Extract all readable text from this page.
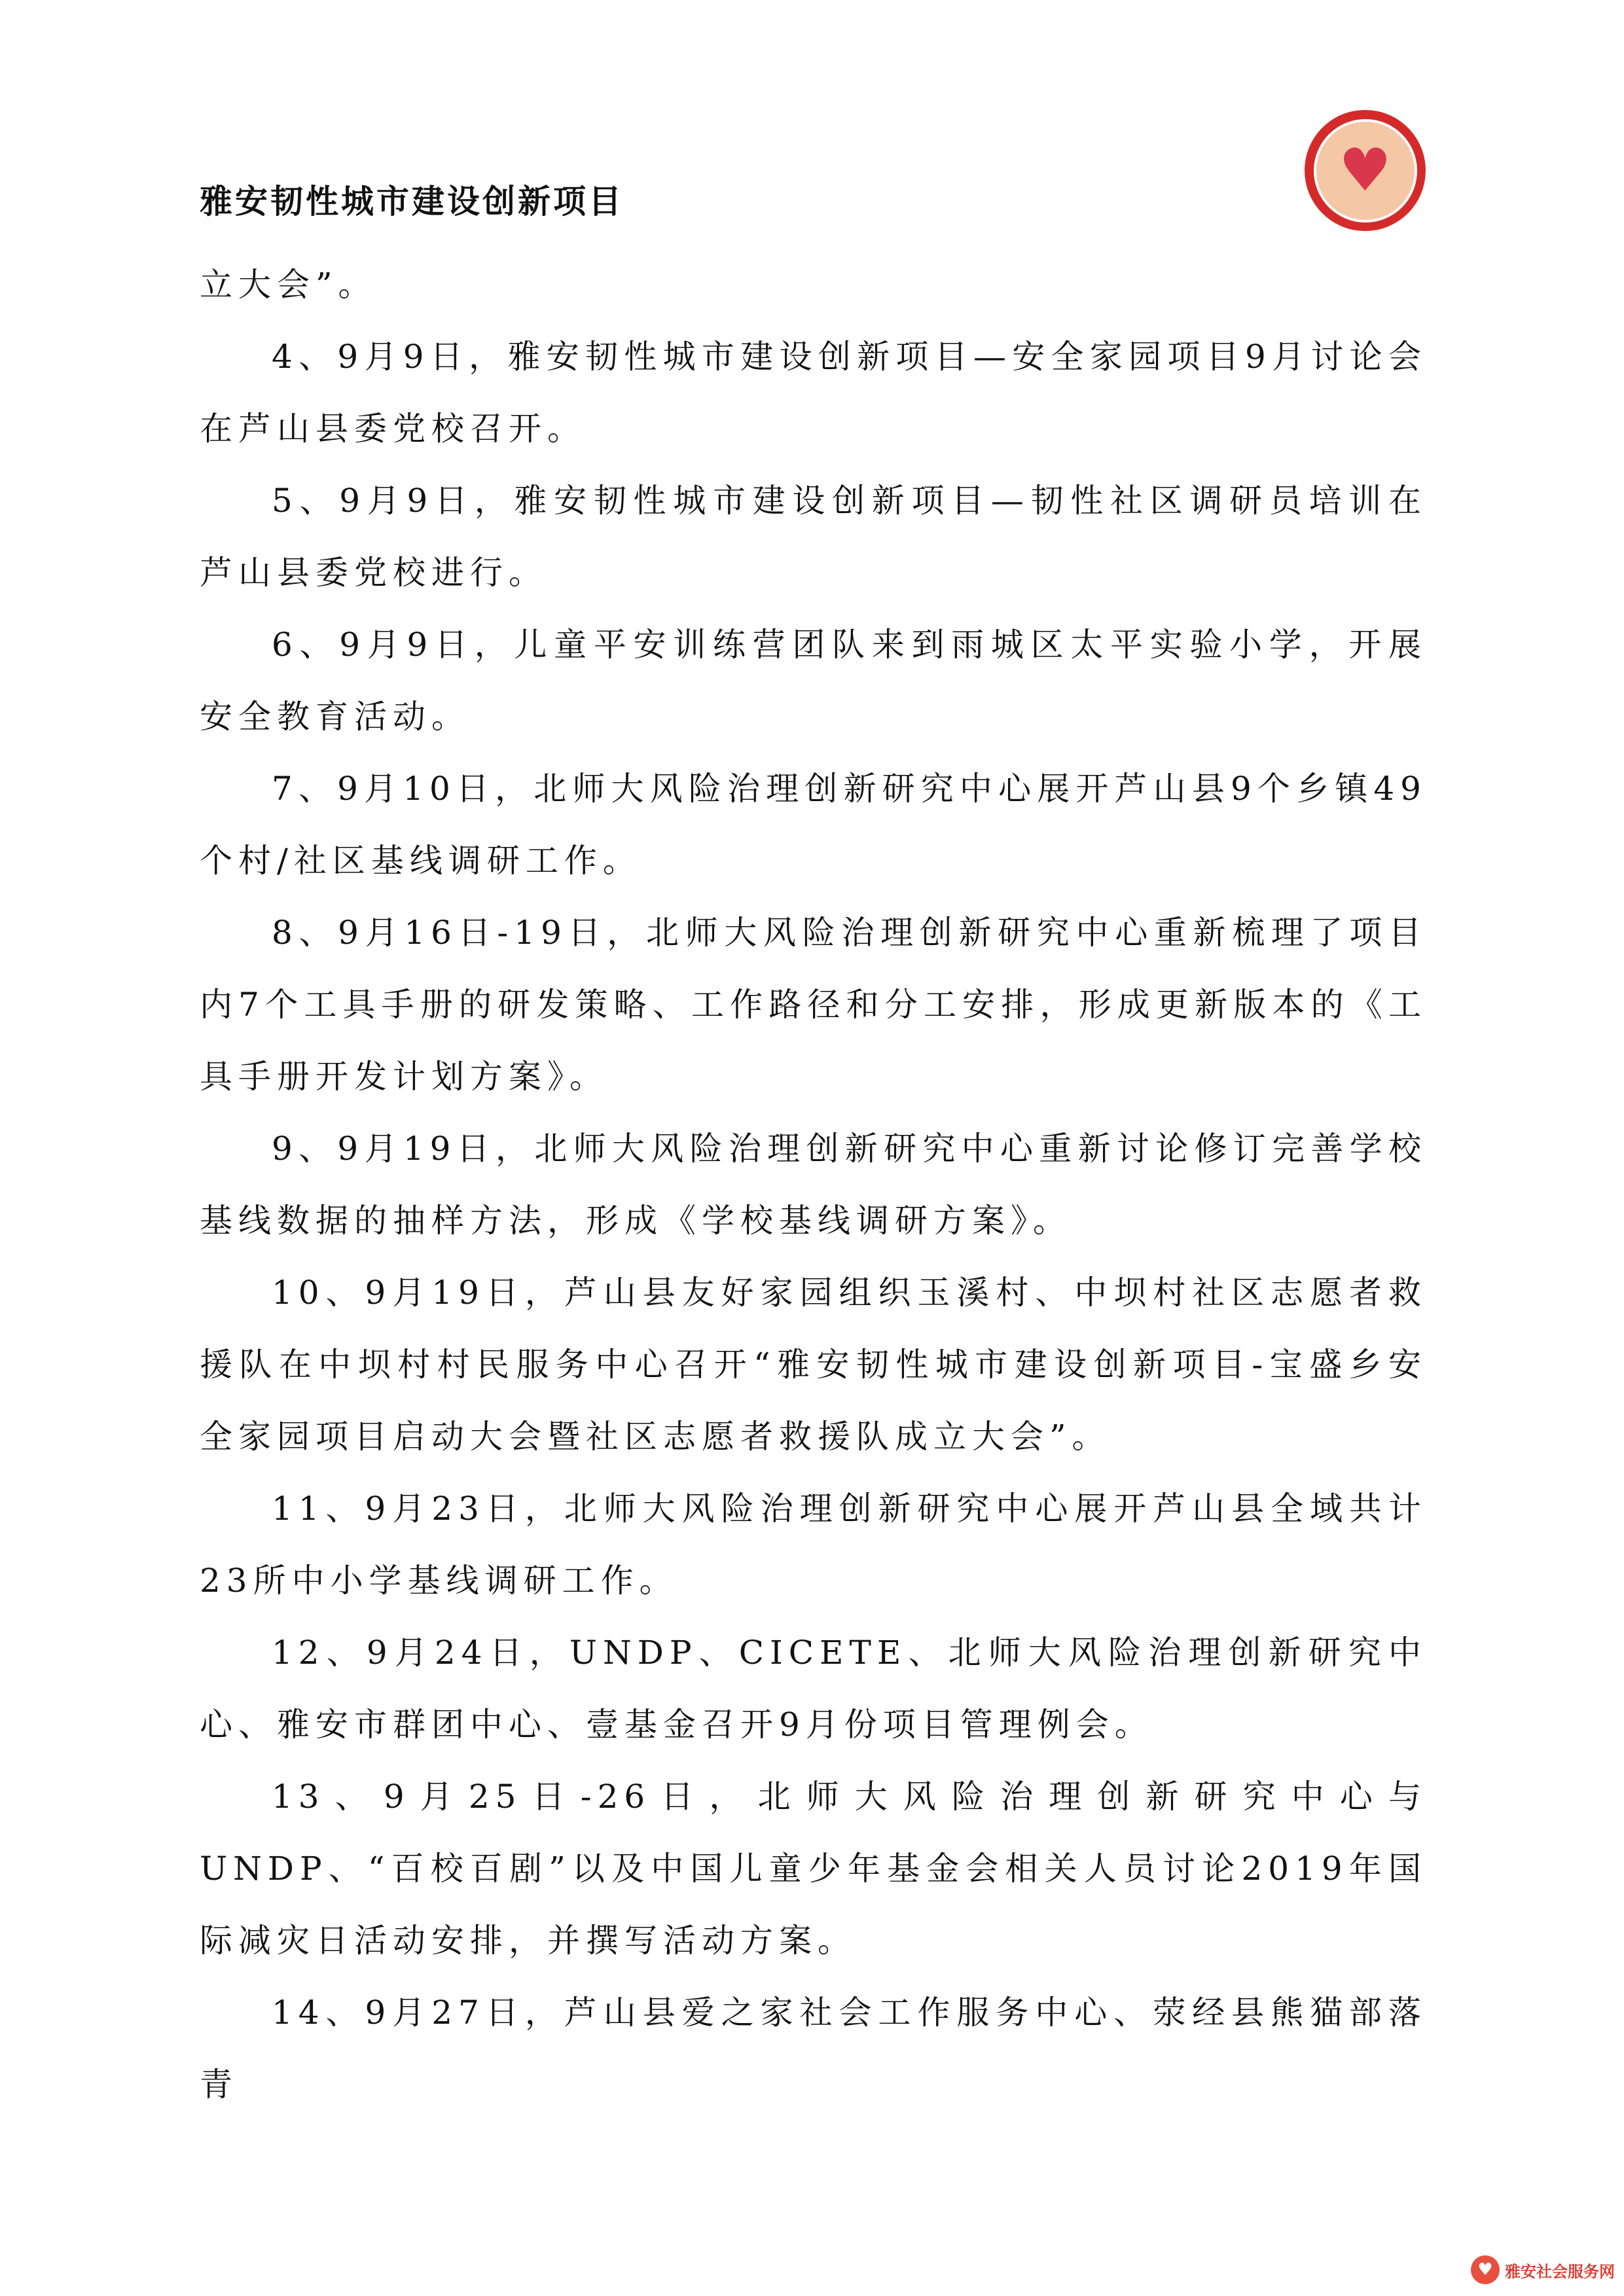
雅安韧性城市建设创新项目	♥

立大会”。

4、9月9日，雅安韧性城市建设创新项目—安全家园项目9月讨论会在芦山县委党校召开。

5、9月9日，雅安韧性城市建设创新项目—韧性社区调研员培训在芦山县委党校进行。

6、9月9日，儿童平安训练营团队来到雨城区太平实验小学，开展安全教育活动。

7、9月10日，北师大风险治理创新研究中心展开芦山县9个乡镇49个村/社区基线调研工作。

8、9月16日-19日，北师大风险治理创新研究中心重新梳理了项目内7个工具手册的研发策略、工作路径和分工安排，形成更新版本的《工具手册开发计划方案》。

9、9月19日，北师大风险治理创新研究中心重新讨论修订完善学校基线数据的抽样方法，形成《学校基线调研方案》。

10、9月19日，芦山县友好家园组织玉溪村、中坝村社区志愿者救援队在中坝村村民服务中心召开“雅安韧性城市建设创新项目-宝盛乡安全家园项目启动大会暨社区志愿者救援队成立大会”。

11、9月23日，北师大风险治理创新研究中心展开芦山县全域共计23所中小学基线调研工作。

12、9月24日，UNDP、CICETE、北师大风险治理创新研究中心、雅安市群团中心、壹基金召开9月份项目管理例会。

13、9月25日-26日，北师大风险治理创新研究中心与UNDP、“百校百剧”以及中国儿童少年基金会相关人员讨论2019年国际减灾日活动安排，并撰写活动方案。

14、9月27日，芦山县爱之家社会工作服务中心、荥经县熊猫部落青

♥ 雅安社会服务网
